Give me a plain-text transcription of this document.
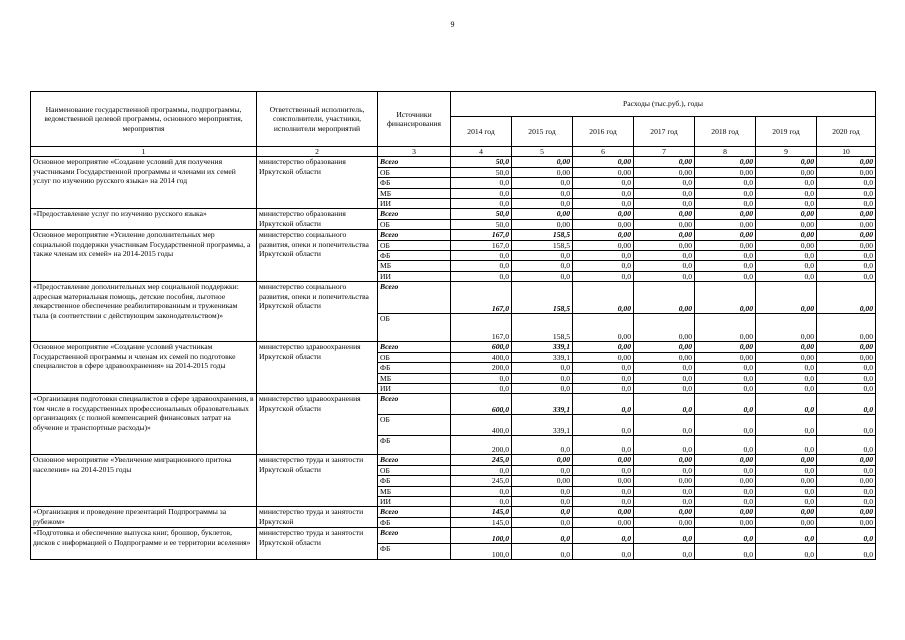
9
Наименование государственной программы, подпрограммы, ведомственной целевой программы, основного мероприятия, мероприятия	Ответственный исполнитель, соисполнители, участники, исполнители мероприятий	Источники финансирования	Расходы (тыс.руб.), годы						
			2014 год	2015 год	2016 год	2017 год	2018 год	2019 год	2020 год
1	2	3	4	5	6	7	8	9	10
Основное мероприятие «Создание условий для получения участниками Государственной программы и членами их семей услуг по изучению русского языка» на 2014 год	министерство образования Иркутской области	Всего	50,0	0,00	0,00	0,00	0,00	0,00	0,00
		ОБ	50,0	0,00	0,00	0,00	0,00	0,00	0,00
		ФБ	0,0	0,0	0,0	0,0	0,0	0,0	0,0
		МБ	0,0	0,0	0,0	0,0	0,0	0,0	0,0
		ИИ	0,0	0,0	0,0	0,0	0,0	0,0	0,0
«Предоставление услуг по изучению русского языка»	министерство образования Иркутской области	Всего	50,0	0,00	0,00	0,00	0,00	0,00	0,00
		ОБ	50,0	0,00	0,00	0,00	0,00	0,00	0,00
Основное мероприятие «Усиление дополнительных мер социальной поддержки участникам Государственной программы, а также членам их семей» на 2014-2015 годы	министерство социального развития, опеки и попечительства Иркутской области	Всего	167,0	158,5	0,00	0,00	0,00	0,00	0,00
		ОБ	167,0	158,5	0,00	0,00	0,00	0,00	0,00
		ФБ	0,0	0,0	0,0	0,0	0,0	0,0	0,0
		МБ	0,0	0,0	0,0	0,0	0,0	0,0	0,0
		ИИ	0,0	0,0	0,0	0,0	0,0	0,0	0,0
«Предоставление дополнительных мер социальной поддержки: адресная материальная помощь, детские пособия, льготное лекарственное обеспечение реабилитированным и труженикам тыла (в соответствии с действующим законодательством)»	министерство социального развития, опеки и попечительства Иркутской области	Всего	167,0	158,5	0,00	0,00	0,00	0,00	0,00
		ОБ	167,0	158,5	0,00	0,00	0,00	0,00	0,00
Основное мероприятие «Создание условий участникам Государственной программы и членам их семей по подготовке специалистов в сфере здравоохранения» на 2014-2015 годы	министерство здравоохранения Иркутской области	Всего	600,0	339,1	0,00	0,00	0,00	0,00	0,00
		ОБ	400,0	339,1	0,00	0,00	0,00	0,00	0,00
		ФБ	200,0	0,0	0,0	0,0	0,0	0,0	0,0
		МБ	0,0	0,0	0,0	0,0	0,0	0,0	0,0
		ИИ	0,0	0,0	0,0	0,0	0,0	0,0	0,0
«Организация подготовки специалистов в сфере здравоохранения, в том числе в государственных профессиональных образовательных организациях (с полной компенсацией финансовых затрат на обучение и транспортные расходы)»	министерство здравоохранения Иркутской области	Всего	600,0	339,1	0,0	0,0	0,0	0,0	0,0
		ОБ	400,0	339,1	0,0	0,0	0,0	0,0	0,0
		ФБ	200,0	0,0	0,0	0,0	0,0	0,0	0,0
Основное мероприятие «Увеличение миграционного притока населения» на 2014-2015 годы	министерство труда и занятости Иркутской области	Всего	245,0	0,00	0,00	0,00	0,00	0,00	0,00
		ОБ	0,0	0,0	0,0	0,0	0,0	0,0	0,0
		ФБ	245,0	0,00	0,00	0,00	0,00	0,00	0,00
		МБ	0,0	0,0	0,0	0,0	0,0	0,0	0,0
		ИИ	0,0	0,0	0,0	0,0	0,0	0,0	0,0
«Организация и проведение презентаций Подпрограммы за рубежом»	министерство труда и занятости Иркутской	Всего	145,0	0,0	0,00	0,00	0,00	0,00	0,00
		ФБ	145,0	0,0	0,00	0,00	0,00	0,00	0,00
«Подготовка и обеспечение выпуска книг, брошюр, буклетов, дисков с информацией о Подпрограмме и ее территории вселения»	министерство труда и занятости Иркутской области	Всего	100,0	0,0	0,0	0,0	0,0	0,0	0,0
		ФБ	100,0	0,0	0,0	0,0	0,0	0,0	0,0
